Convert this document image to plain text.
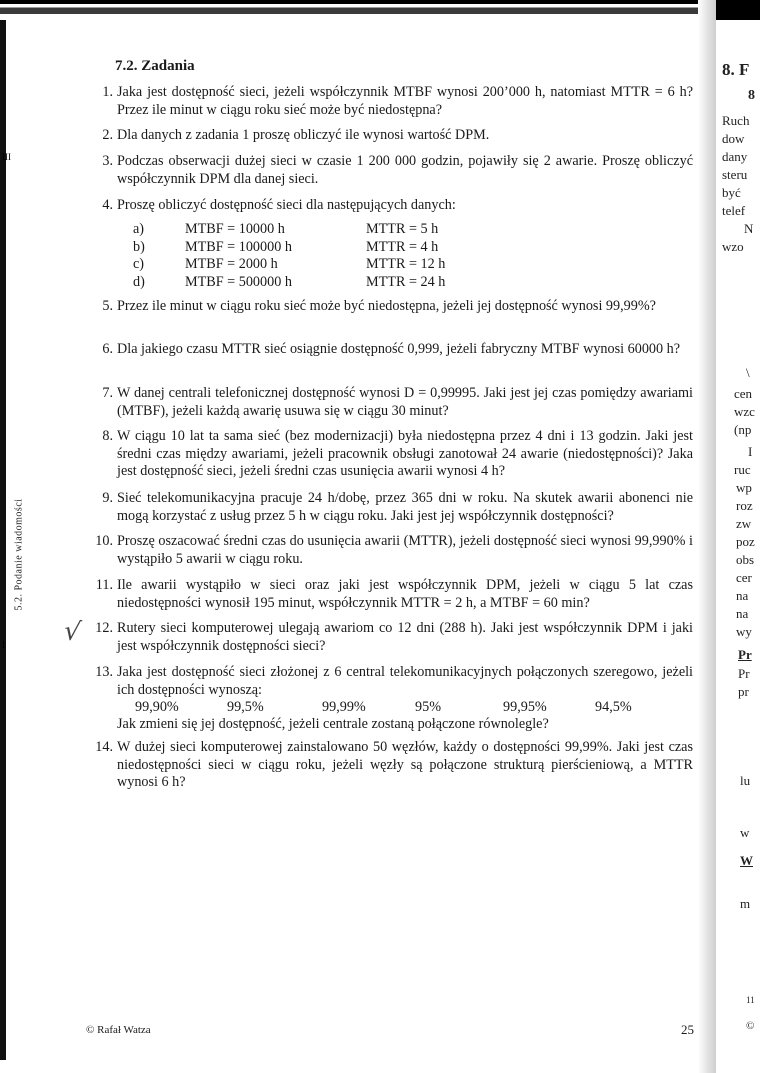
5.2. Podanie wiadomości
III
I √
7.2. Zadania
1. Jaka jest dostępność sieci, jeżeli współczynnik MTBF wynosi 200’000 h, natomiast MTTR = 6 h? Przez ile minut w ciągu roku sieć może być niedostępna?
2. Dla danych z zadania 1 proszę obliczyć ile wynosi wartość DPM.
3. Podczas obserwacji dużej sieci w czasie 1 200 000 godzin, pojawiły się 2 awarie. Proszę obliczyć współczynnik DPM dla danej sieci.
4. Proszę obliczyć dostępność sieci dla następujących danych:
a)	MTBF = 10000 h	MTTR = 5 h
b)	MTBF = 100000 h	MTTR = 4 h
c)	MTBF = 2000 h	MTTR = 12 h
d)	MTBF = 500000 h	MTTR = 24 h
5. Przez ile minut w ciągu roku sieć może być niedostępna, jeżeli jej dostępność wynosi 99,99%?
6. Dla jakiego czasu MTTR sieć osiągnie dostępność 0,999, jeżeli fabryczny MTBF wynosi 60000 h?
7. W danej centrali telefonicznej dostępność wynosi D = 0,99995. Jaki jest jej czas pomiędzy awariami (MTBF), jeżeli każdą awarię usuwa się w ciągu 30 minut?
8. W ciągu 10 lat ta sama sieć (bez modernizacji) była niedostępna przez 4 dni i 13 godzin. Jaki jest średni czas między awariami, jeżeli pracownik obsługi zanotował 24 awarie (niedostępności)? Jaka jest dostępność sieci, jeżeli średni czas usunięcia awarii wynosi 4 h?
9. Sieć telekomunikacyjna pracuje 24 h/dobę, przez 365 dni w roku. Na skutek awarii abonenci nie mogą korzystać z usług przez 5 h w ciągu roku. Jaki jest jej współczynnik dostępności?
10. Proszę oszacować średni czas do usunięcia awarii (MTTR), jeżeli dostępność sieci wynosi 99,990% i wystąpiło 5 awarii w ciągu roku.
11. Ile awarii wystąpiło w sieci oraz jaki jest współczynnik DPM, jeżeli w ciągu 5 lat czas niedostępności wynosił 195 minut, współczynnik MTTR = 2 h, a MTBF = 60 min?
12. Rutery sieci komputerowej ulegają awariom co 12 dni (288 h). Jaki jest współczynnik DPM i jaki jest współczynnik dostępności sieci?
13. Jaka jest dostępność sieci złożonej z 6 central telekomunikacyjnych połączonych szeregowo, jeżeli ich dostępności wynoszą:
99,90%	99,5%	99,99%	95%	99,95%	94,5%
Jak zmieni się jej dostępność, jeżeli centrale zostaną połączone równolegle?
14. W dużej sieci komputerowej zainstalowano 50 węzłów, każdy o dostępności 99,99%. Jaki jest czas niedostępności sieci w ciągu roku, jeżeli węzły są połączone strukturą pierścieniową, a MTTR wynosi 6 h?
© Rafał Watza	25
8. F
8
Ruch
dow
dany
steru
być
telef
N
wzo
\
cen
wzc
(np
I
ruc
wp
roz
zw
poz
obs
cer
na
na
wy
Pr
Pr
pr
lu
w
W
m
11
©
